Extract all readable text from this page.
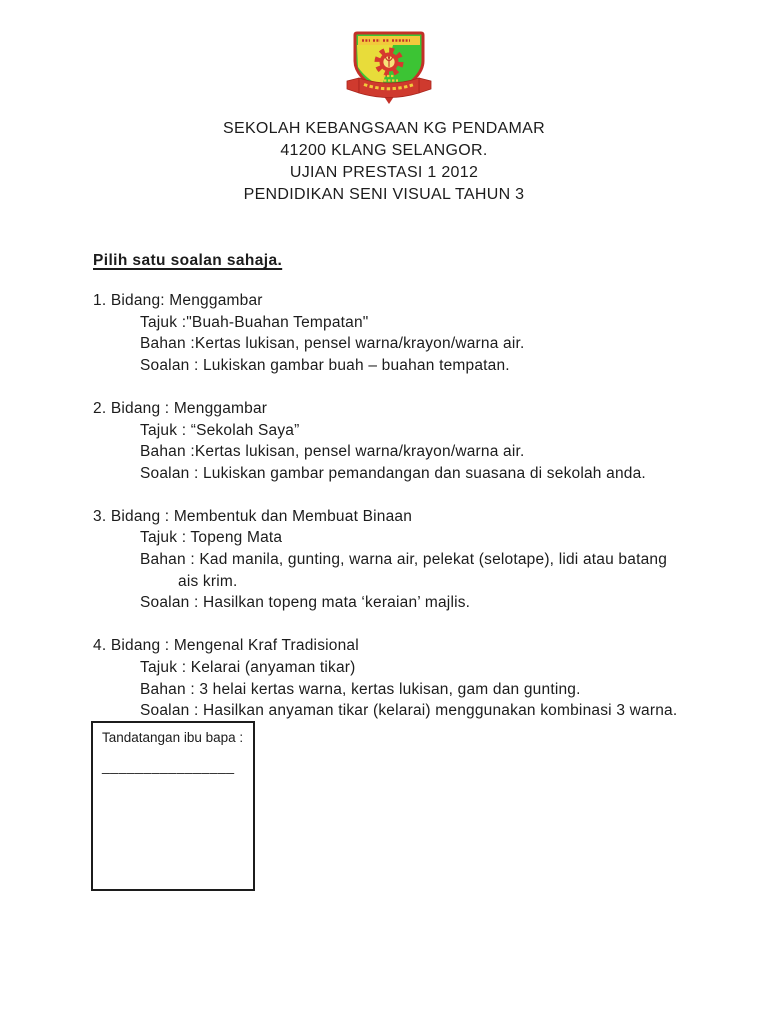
SEKOLAH KEBANGSAAN KG PENDAMAR
41200 KLANG SELANGOR.
UJIAN PRESTASI 1 2012
PENDIDIKAN SENI VISUAL TAHUN 3
Pilih satu soalan sahaja.
1. Bidang: Menggambar
Tajuk :"Buah-Buahan Tempatan"
Bahan :Kertas lukisan, pensel warna/krayon/warna air.
Soalan : Lukiskan gambar buah – buahan tempatan.
2. Bidang : Menggambar
Tajuk : “Sekolah Saya”
Bahan :Kertas lukisan, pensel warna/krayon/warna air.
Soalan : Lukiskan gambar pemandangan dan suasana di sekolah anda.
3. Bidang : Membentuk dan Membuat Binaan
Tajuk : Topeng Mata
Bahan : Kad manila, gunting, warna air, pelekat (selotape), lidi atau batang
ais krim.
Soalan : Hasilkan topeng mata ‘keraian’ majlis.
4. Bidang : Mengenal Kraf Tradisional
Tajuk : Kelarai (anyaman tikar)
Bahan : 3 helai kertas warna, kertas lukisan, gam dan gunting.
Soalan : Hasilkan anyaman tikar (kelarai) menggunakan kombinasi 3 warna.
Tandatangan ibu bapa :
________________
